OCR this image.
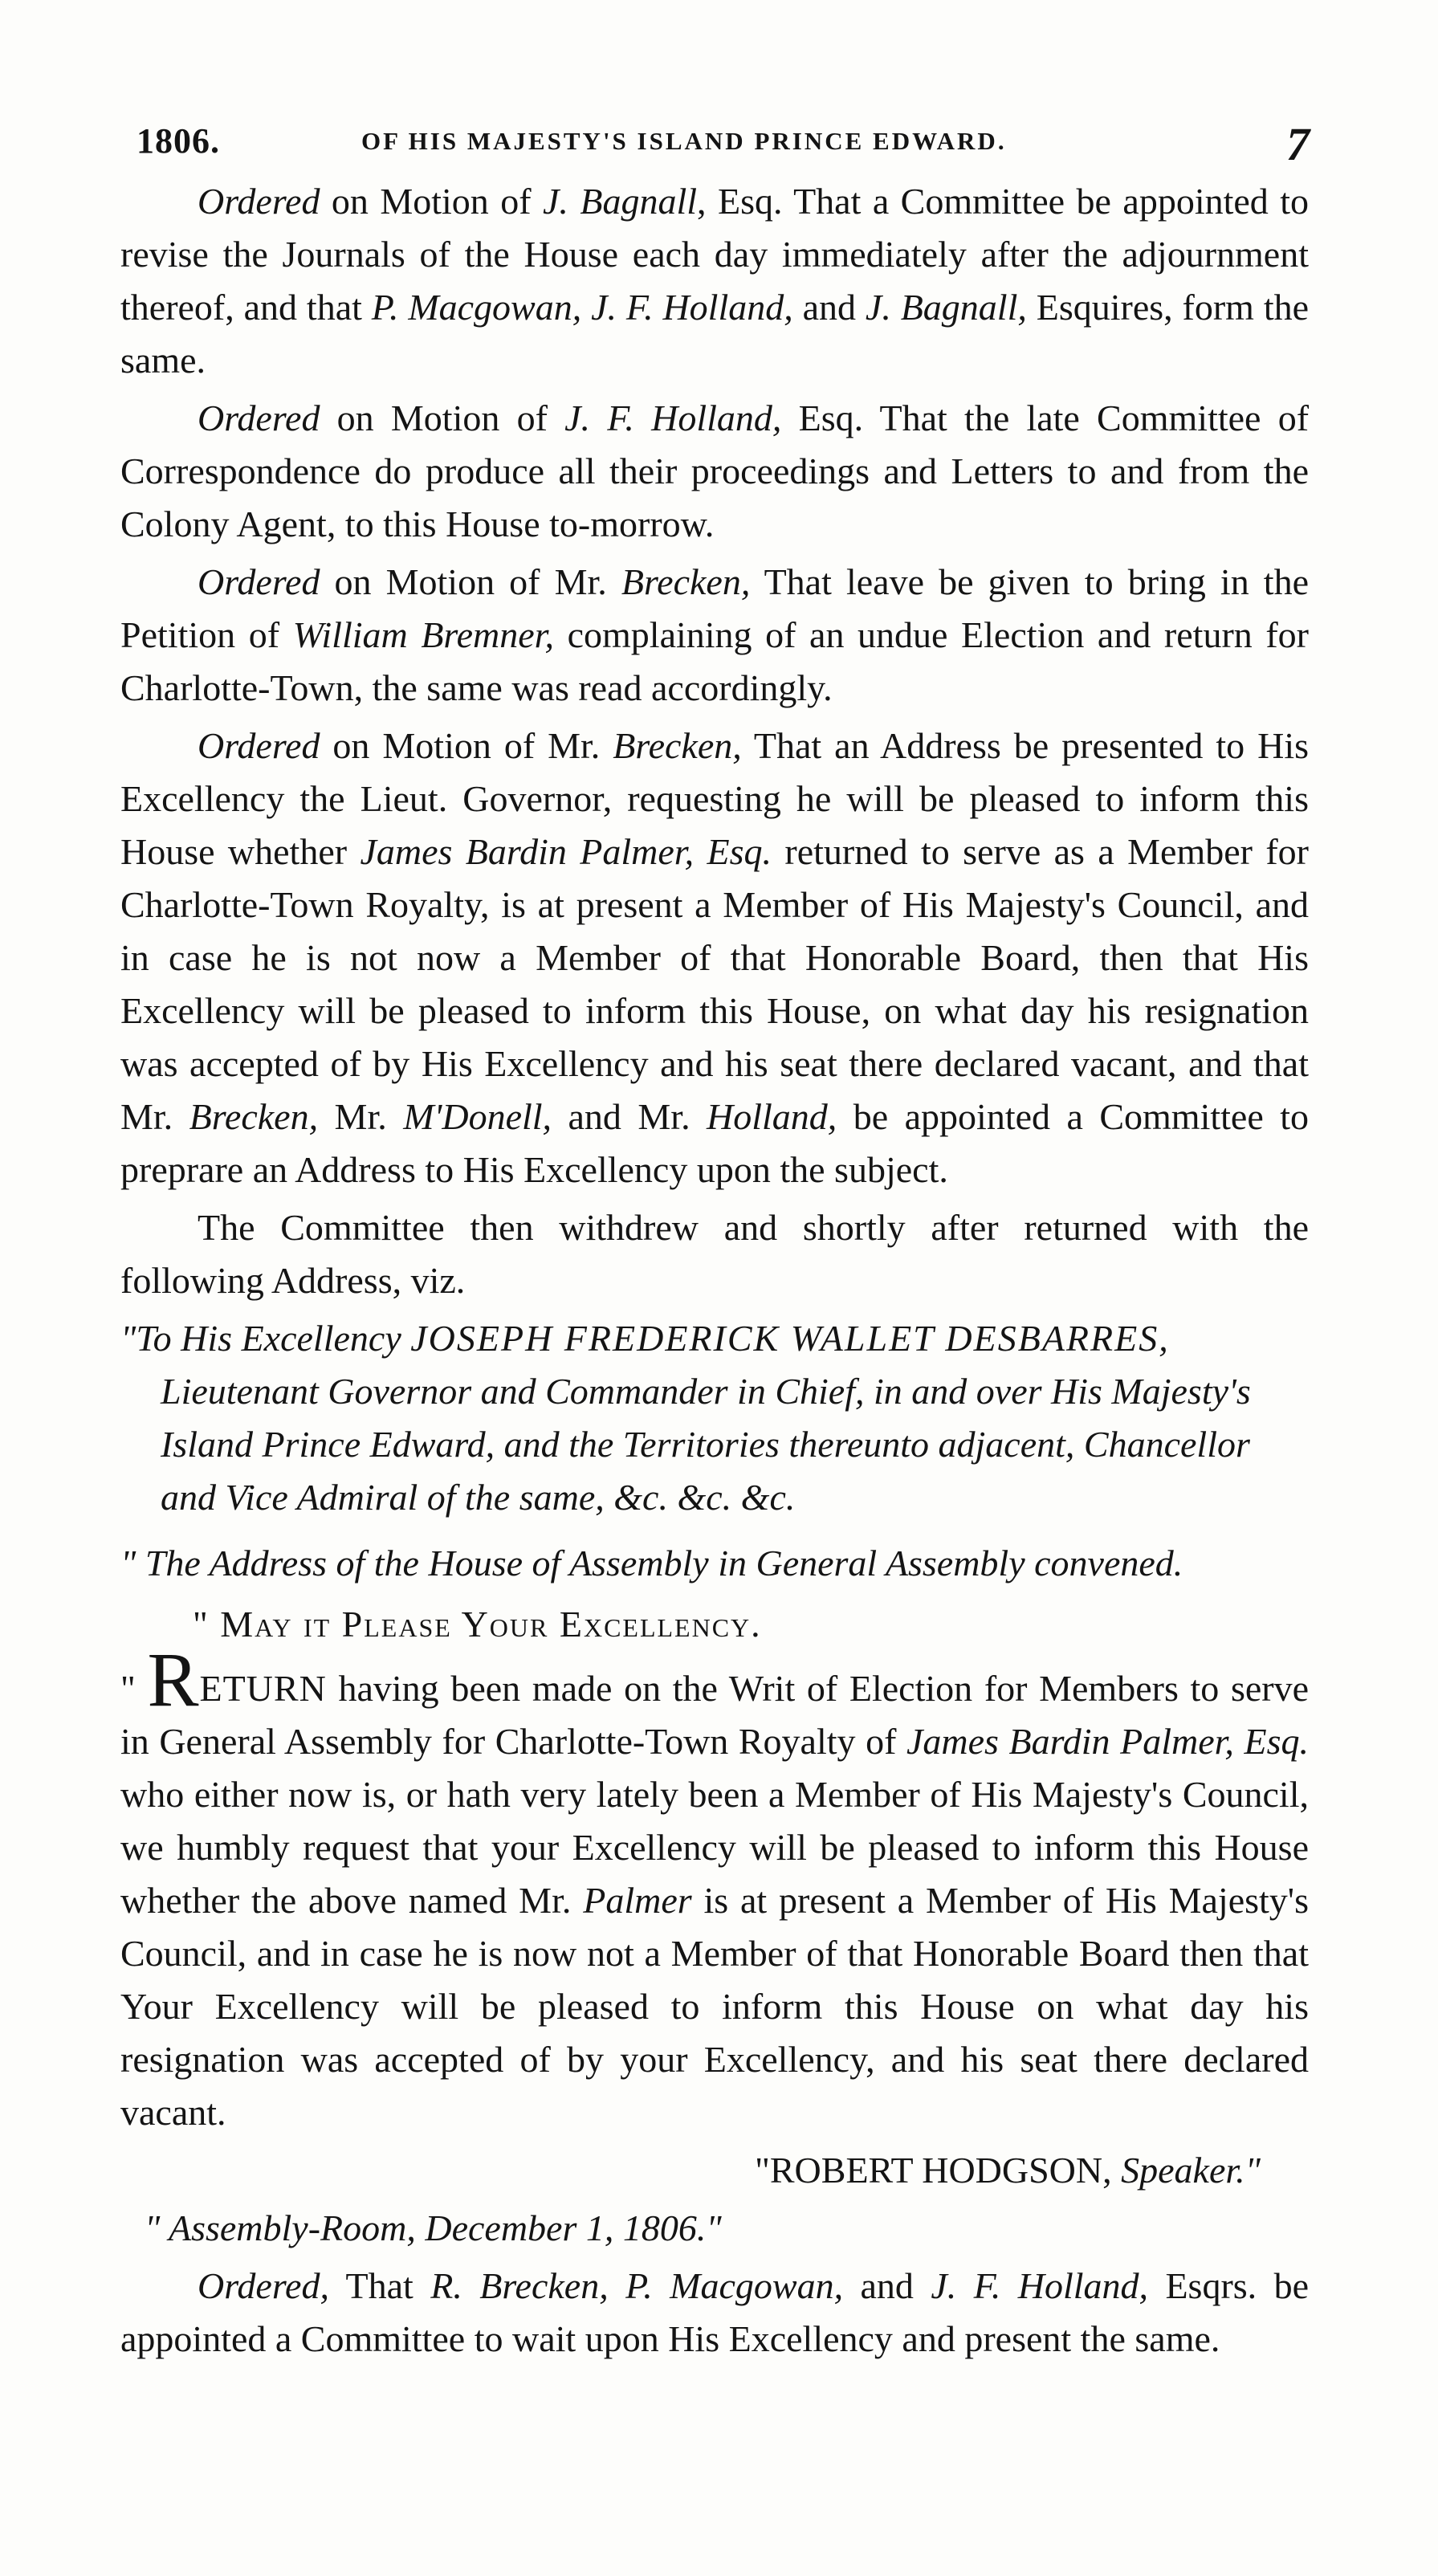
1806.	OF HIS MAJESTY'S ISLAND PRINCE EDWARD.	7

Ordered on Motion of J. Bagnall, Esq. That a Committee be appointed to revise the Journals of the House each day immediately after the adjournment thereof, and that P. Macgowan, J. F. Holland, and J. Bagnall, Esquires, form the same.

Ordered on Motion of J. F. Holland, Esq. That the late Committee of Correspondence do produce all their proceedings and Letters to and from the Colony Agent, to this House to-morrow.

Ordered on Motion of Mr. Brecken, That leave be given to bring in the Petition of William Bremner, complaining of an undue Election and return for Charlotte-Town, the same was read accordingly.

Ordered on Motion of Mr. Brecken, That an Address be presented to His Excellency the Lieut. Governor, requesting he will be pleased to inform this House whether James Bardin Palmer, Esq. returned to serve as a Member for Charlotte-Town Royalty, is at present a Member of His Majesty's Council, and in case he is not now a Member of that Honorable Board, then that His Excellency will be pleased to inform this House, on what day his resignation was accepted of by His Excellency and his seat there declared vacant, and that Mr. Brecken, Mr. M'Donell, and Mr. Holland, be appointed a Committee to preprare an Address to His Excellency upon the subject.

The Committee then withdrew and shortly after returned with the following Address, viz.

"To His Excellency JOSEPH FREDERICK WALLET DESBARRES,
Lieutenant Governor and Commander in Chief, in and over His Majesty's Island Prince Edward, and the Territories thereunto adjacent, Chancellor and Vice Admiral of the same, &c. &c. &c.

" The Address of the House of Assembly in General Assembly convened.

" May it Please Your Excellency.

" RETURN having been made on the Writ of Election for Members to serve in General Assembly for Charlotte-Town Royalty of James Bardin Palmer, Esq. who either now is, or hath very lately been a Member of His Majesty's Council, we humbly request that your Excellency will be pleased to inform this House whether the above named Mr. Palmer is at present a Member of His Majesty's Council, and in case he is now not a Member of that Honorable Board then that Your Excellency will be pleased to inform this House on what day his resignation was accepted of by your Excellency, and his seat there declared vacant.

"ROBERT HODGSON, Speaker."

" Assembly-Room, December 1, 1806."

Ordered, That R. Brecken, P. Macgowan, and J. F. Holland, Esqrs. be appointed a Committee to wait upon His Excellency and present the same.
